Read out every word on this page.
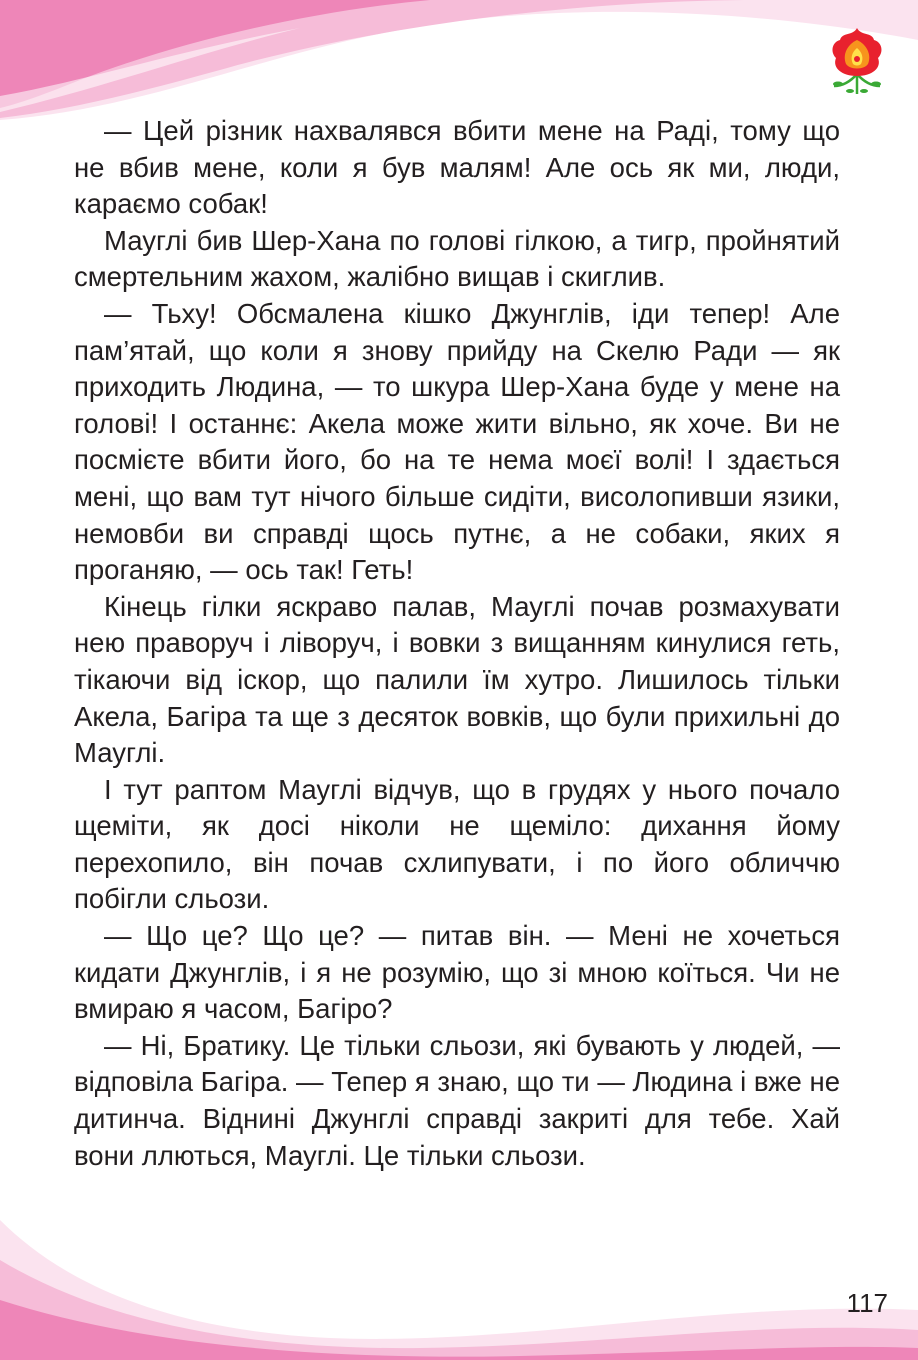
— Цей різник нахвалявся вбити мене на Раді, тому що не вбив мене, коли я був малям! Але ось як ми, люди, караємо собак!

Мауглі бив Шер-Хана по голові гілкою, а тигр, пройнятий смертельним жахом, жалібно вищав і скиглив.

— Тьху! Обсмалена кішко Джунглів, іди тепер! Але пам’ятай, що коли я знову прийду на Скелю Ради — як приходить Людина, — то шкура Шер-Хана буде у мене на голові! І останнє: Акела може жити вільно, як хоче. Ви не посмієте вбити його, бо на те нема моєї волі! І здається мені, що вам тут нічого більше сидіти, висолопивши язики, немовби ви справді щось путнє, а не собаки, яких я проганяю, — ось так! Геть!

Кінець гілки яскраво палав, Мауглі почав розмахувати нею праворуч і ліворуч, і вовки з вищанням кинулися геть, тікаючи від іскор, що палили їм хутро. Лишилось тільки Акела, Багіра та ще з десяток вовків, що були прихильні до Мауглі.

І тут раптом Мауглі відчув, що в грудях у нього почало щеміти, як досі ніколи не щеміло: дихання йому перехопило, він почав схлипувати, і по його обличчю побігли сльози.

— Що це? Що це? — питав він. — Мені не хочеться кидати Джунглів, і я не розумію, що зі мною коїться. Чи не вмираю я часом, Багіро?

— Ні, Братику. Це тільки сльози, які бувають у людей, — відповіла Багіра. — Тепер я знаю, що ти — Людина і вже не дитинча. Віднині Джунглі справді закриті для тебе. Хай вони ллються, Мауглі. Це тільки сльози.

117
